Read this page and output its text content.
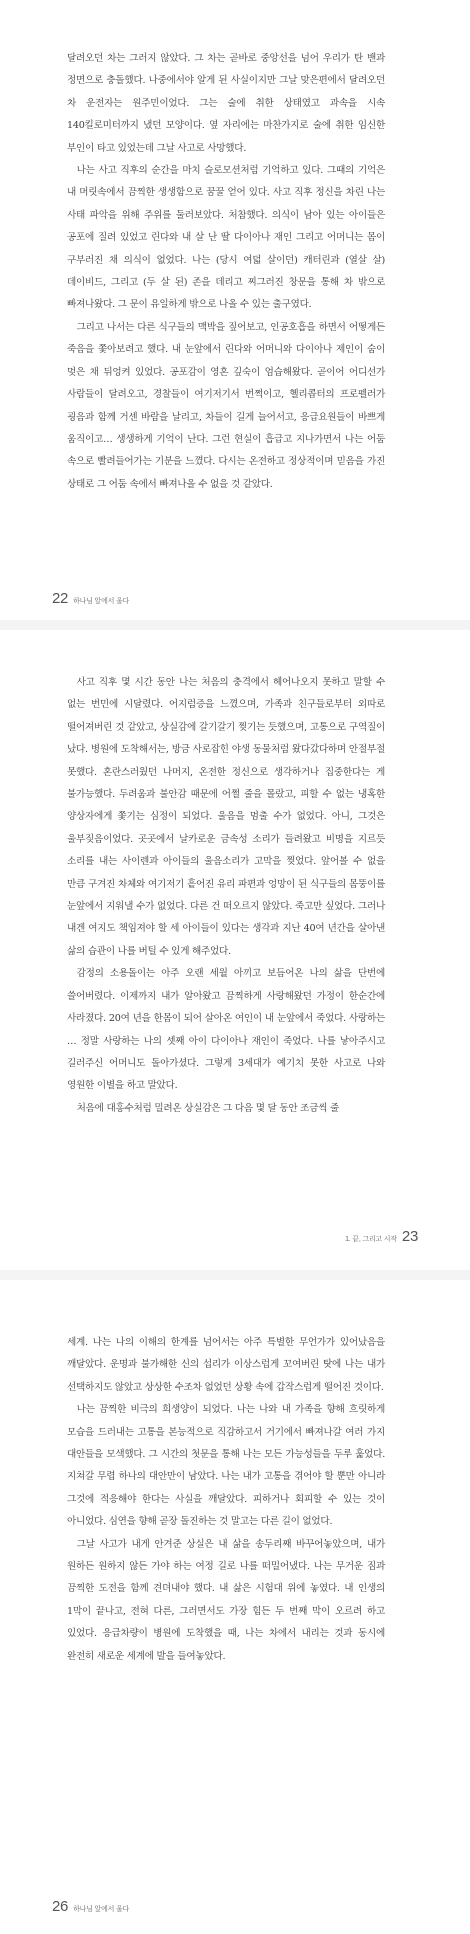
달려오던 차는 그러지 않았다. 그 차는 곧바로 중앙선을 넘어 우리가 탄 밴과 정면으로 충돌했다. 나중에서야 알게 된 사실이지만 그날 맞은편에서 달려오던 차 운전자는 원주민이었다. 그는 술에 취한 상태였고 과속을 시속 140킬로미터까지 냈던 모양이다. 옆 자리에는 마찬가지로 술에 취한 임신한 부인이 타고 있었는데 그날 사고로 사망했다.

나는 사고 직후의 순간을 마치 슬로모션처럼 기억하고 있다. 그때의 기억은 내 머릿속에서 끔찍한 생생함으로 꿈꿀 얻어 있다. 사고 직후 정신을 차린 나는 사태 파악을 위해 주위를 둘러보았다. 처참했다. 의식이 남아 있는 아이들은 공포에 질려 있었고 린다와 내 살 난 딸 다이아나 재인 그리고 어머니는 몸이 구부러진 채 의식이 없었다. 나는 (당시 여덟 살이던) 캐터린과 (열살 살) 데이비드, 그리고 (두 살 된) 존을 데리고 찌그러진 창문을 통해 차 밖으로 빠져나왔다. 그 문이 유일하게 밖으로 나올 수 있는 출구였다.

그리고 나서는 다른 식구들의 맥박을 짚어보고, 인공호흡을 하면서 어떻게든 죽음을 쫓아보려고 했다. 내 눈앞에서 린다와 어머니와 다이아나 제인이 숨이 멎은 채 뒤엉켜 있었다. 공포감이 영혼 깊숙이 엄습해왔다. 곧이어 어디선가 사람들이 달려오고, 경찰들이 여기저기서 번쩍이고, 헬리콥터의 프로펠러가 굉음과 함께 거센 바람을 날리고, 차들이 길게 늘어서고, 응급요원들이 바쁘게 움직이고… 생생하게 기억이 난다. 그런 현실이 흡급고 지나가면서 나는 어둠 속으로 빨려들어가는 기분을 느꼈다. 다시는 온전하고 정상적이며 믿음을 가진 상태로 그 어둠 속에서 빠져나올 수 없을 것 같았다.

22 하나님 앞에서 울다

사고 직후 몇 시간 동안 나는 처음의 충격에서 헤어나오지 못하고 말할 수 없는 번민에 시달렸다. 어지럼증을 느꼈으며, 가족과 친구들로부터 외따로 떨어져버린 것 같았고, 상실감에 갈기갈기 찢기는 듯했으며, 고통으로 구역질이 났다. 병원에 도착해서는, 방금 사로잡힌 야생 동물처럼 왔다갔다하며 안절부절 못했다. 혼란스러웠던 나머지, 온전한 정신으로 생각하거나 집중한다는 게 불가능했다. 두려움과 불안감 때문에 어쩔 줄을 몰랐고, 피할 수 없는 냉혹한 양상자에게 쫓기는 심정이 되었다. 울음을 멈출 수가 없었다. 아니, 그것은 울부짖음이었다. 곳곳에서 날카로운 금속성 소리가 들려왔고 비명을 지르듯 소리를 내는 사이렌과 아이들의 울음소리가 고막을 찢었다. 앞어볼 수 없을 만큼 구겨진 차체와 여기저기 흩어진 유리 파편과 엉망이 된 식구들의 몸뚱이를 눈앞에서 지워낼 수가 없었다. 다른 건 떠오르지 않았다. 죽고만 싶었다. 그러나 내겐 여지도 책임져야 할 세 아이들이 있다는 생각과 지난 40여 년간을 살아낸 삶의 습관이 나를 버틸 수 있게 해주었다.

감정의 소용돌이는 아주 오랜 세월 아끼고 보듬어온 나의 삶을 단번에 쓸어버렸다. 이제까지 내가 알아왔고 끔찍하게 사랑해왔던 가정이 한순간에 사라졌다. 20여 년을 한몸이 되어 살아온 여인이 내 눈앞에서 죽었다. 사랑하는 … 정말 사랑하는 나의 셋째 아이 다이아나 재인이 죽었다. 나를 낳아주시고 길러주신 어머니도 돌아가셨다. 그렇게 3세대가 예기치 못한 사고로 나와 영원한 이별을 하고 말았다.

처음에 대홍수처럼 밀려온 상실감은 그 다음 몇 달 동안 조금씩 줄

1. 끝, 그리고 시작 23

세계. 나는 나의 이해의 한계를 넘어서는 아주 특별한 무언가가 있어났음을 깨달았다. 운명과 불가해한 신의 섭리가 이상스럽게 꼬여버린 탓에 나는 내가 선택하지도 않았고 상상한 수조차 없었던 상황 속에 갑작스럽게 떨어진 것이다.

나는 끔찍한 비극의 희생양이 되었다. 나는 나와 내 가족을 향해 흐릿하게 모습을 드러내는 고통을 본능적으로 직감하고서 거기에서 빠져나갈 여러 가지 대안들을 모색했다. 그 시간의 첫문을 통해 나는 모든 가능성들을 두루 훑었다. 지쳐갈 무렵 하나의 대안만이 남았다. 나는 내가 고통을 겪어야 할 뿐만 아니라 그것에 적응해야 한다는 사실을 깨달았다. 피하거나 회피할 수 있는 것이 아니었다. 심연을 향해 곧장 돌진하는 것 말고는 다른 길이 없었다.

그날 사고가 내게 안겨준 상실은 내 삶을 송두리째 바꾸어놓았으며, 내가 원하든 원하지 않든 가야 하는 여정 길로 나를 떠밀어냈다. 나는 무거운 짐과 끔찍한 도전을 함께 견뎌내야 했다. 내 삶은 시험대 위에 놓였다. 내 인생의 1막이 끝나고, 전혀 다른, 그러면서도 가장 힘든 두 번째 막이 오르려 하고 있었다. 응급차량이 병원에 도착했을 때, 나는 차에서 내리는 것과 동시에 완전히 새로운 세계에 발을 들여놓았다.

26 하나님 앞에서 울다
